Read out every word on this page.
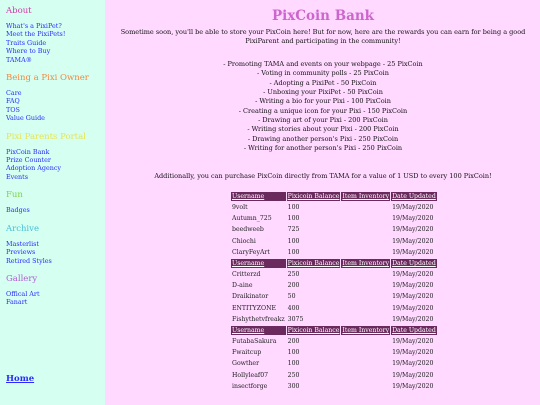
About
What's a PixiPet?
Meet the PixiPets!
Traits Guide
Where to Buy
TAMA®
Being a Pixi Owner
Care
FAQ
TOS
Value Guide
Pixi Parents Portal
PixCoin Bank
Prize Counter
Adoption Agency
Events
Fun
Badges
Archive
Masterlist
Previews
Retired Styles
Gallery
Offical Art
Fanart
Home
PixCoin Bank
Sometime soon, you'll be able to store your PixCoin here! But for now, here are the rewards you can earn for being a good PixiParent and participating in the community!
- Promoting TAMA and events on your webpage - 25 PixCoin
- Voting in community polls - 25 PixCoin
- Adopting a PixiPet - 50 PixCoin
- Unboxing your PixiPet - 50 PixCoin
- Writing a bio for your Pixi - 100 PixCoin
- Creating a unique icon for your Pixi - 150 PixCoin
- Drawing art of your Pixi - 200 PixCoin
- Writing stories about your Pixi - 200 PixCoin
- Drawing another person's Pixi - 250 PixCoin
- Writing for another person's Pixi - 250 PixCoin
Additionally, you can purchase PixCoin directly from TAMA for a value of 1 USD to every 100 PixCoin!
Username	Pixicoin Balance	Item Inventory	Date Updated
9volt	100		19/May/2020
Autumn_725	100		19/May/2020
beedweeb	725		19/May/2020
Chiochi	100		19/May/2020
ClaryFeyArt	100		19/May/2020
Username	Pixicoin Balance	Item Inventory	Date Updated
Critterzd	250		19/May/2020
D-aine	200		19/May/2020
Draikinator	50		19/May/2020
ENTITYZONE	400		19/May/2020
Fishythetvfreakz	3075		19/May/2020
Username	Pixicoin Balance	Item Inventory	Date Updated
FutabaSakura	200		19/May/2020
Fwaitcup	100		19/May/2020
Gowther	100		19/May/2020
Hollyleaf07	250		19/May/2020
insectforge	300		19/May/2020
